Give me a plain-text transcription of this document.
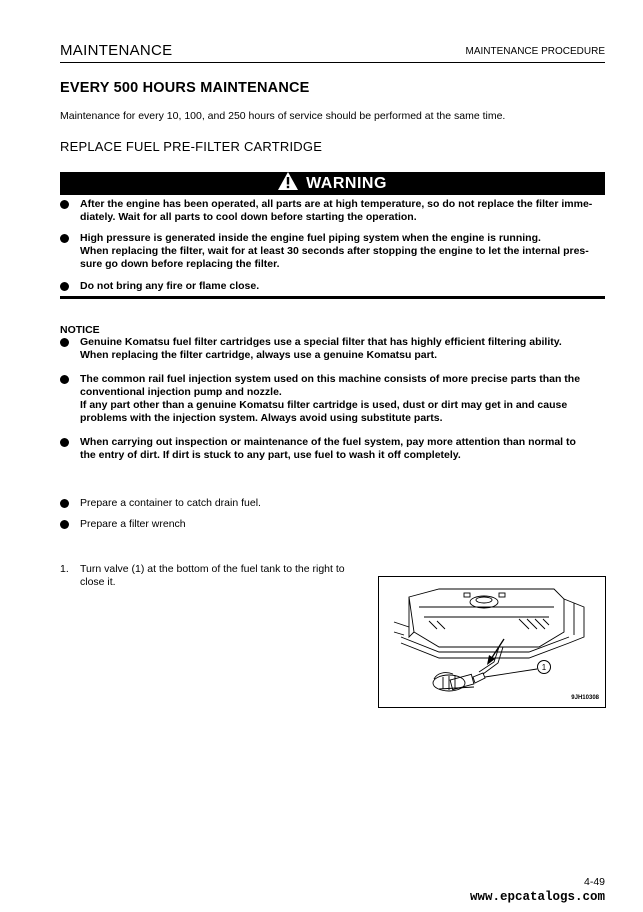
MAINTENANCE	MAINTENANCE PROCEDURE
EVERY 500 HOURS MAINTENANCE
Maintenance for every 10, 100, and 250 hours of service should be performed at the same time.
REPLACE FUEL PRE-FILTER CARTRIDGE
WARNING
After the engine has been operated, all parts are at high temperature, so do not replace the filter imme-
diately. Wait for all parts to cool down before starting the operation.
High pressure is generated inside the engine fuel piping system when the engine is running.
When replacing the filter, wait for at least 30 seconds after stopping the engine to let the internal pres-
sure go down before replacing the filter.
Do not bring any fire or flame close.
NOTICE
Genuine Komatsu fuel filter cartridges use a special filter that has highly efficient filtering ability.
When replacing the filter cartridge, always use a genuine Komatsu part.
The common rail fuel injection system used on this machine consists of more precise parts than the
conventional injection pump and nozzle.
If any part other than a genuine Komatsu filter cartridge is used, dust or dirt may get in and cause
problems with the injection system. Always avoid using substitute parts.
When carrying out inspection or maintenance of the fuel system, pay more attention than normal to
the entry of dirt. If dirt is stuck to any part, use fuel to wash it off completely.
Prepare a container to catch drain fuel.
Prepare a filter wrench
1. Turn valve (1) at the bottom of the fuel tank to the right to
close it.
1
9JH10308
4-49
www.epcatalogs.com
